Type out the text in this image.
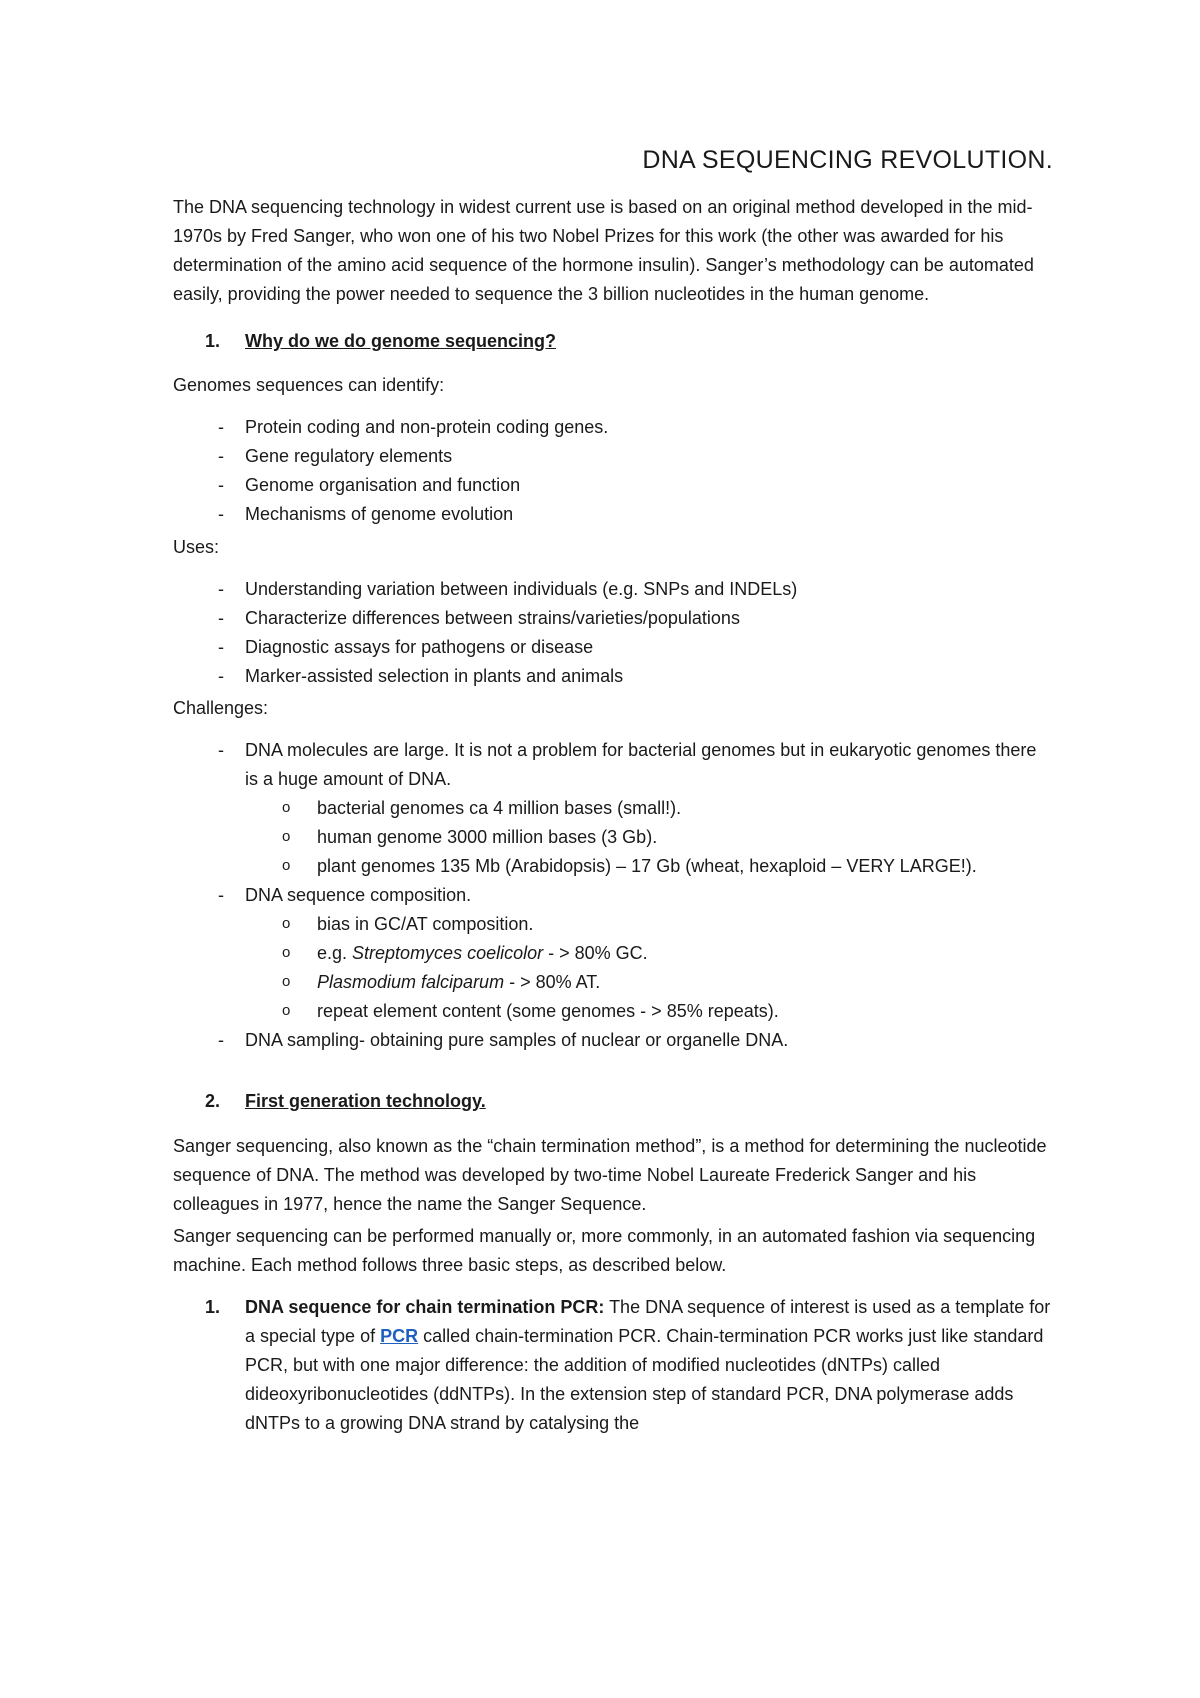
DNA SEQUENCING REVOLUTION.

The DNA sequencing technology in widest current use is based on an original method developed in the mid-1970s by Fred Sanger, who won one of his two Nobel Prizes for this work (the other was awarded for his determination of the amino acid sequence of the hormone insulin). Sanger’s methodology can be automated easily, providing the power needed to sequence the 3 billion nucleotides in the human genome.

1. Why do we do genome sequencing?

Genomes sequences can identify:

- Protein coding and non-protein coding genes.
- Gene regulatory elements
- Genome organisation and function
- Mechanisms of genome evolution

Uses:

- Understanding variation between individuals (e.g. SNPs and INDELs)
- Characterize differences between strains/varieties/populations
- Diagnostic assays for pathogens or disease
- Marker-assisted selection in plants and animals

Challenges:

- DNA molecules are large. It is not a problem for bacterial genomes but in eukaryotic genomes there is a huge amount of DNA.
o bacterial genomes ca 4 million bases (small!).
o human genome 3000 million bases (3 Gb).
o plant genomes 135 Mb (Arabidopsis) – 17 Gb (wheat, hexaploid – VERY LARGE!).
- DNA sequence composition.
o bias in GC/AT composition.
o e.g. Streptomyces coelicolor - > 80% GC.
o Plasmodium falciparum - > 80% AT.
o repeat element content (some genomes - > 85% repeats).
- DNA sampling- obtaining pure samples of nuclear or organelle DNA.
2. First generation technology.

Sanger sequencing, also known as the “chain termination method”, is a method for determining the nucleotide sequence of DNA. The method was developed by two-time Nobel Laureate Frederick Sanger and his colleagues in 1977, hence the name the Sanger Sequence.

Sanger sequencing can be performed manually or, more commonly, in an automated fashion via sequencing machine. Each method follows three basic steps, as described below.

1. DNA sequence for chain termination PCR: The DNA sequence of interest is used as a template for a special type of PCR called chain-termination PCR. Chain-termination PCR works just like standard PCR, but with one major difference: the addition of modified nucleotides (dNTPs) called dideoxyribonucleotides (ddNTPs). In the extension step of standard PCR, DNA polymerase adds dNTPs to a growing DNA strand by catalysing the
